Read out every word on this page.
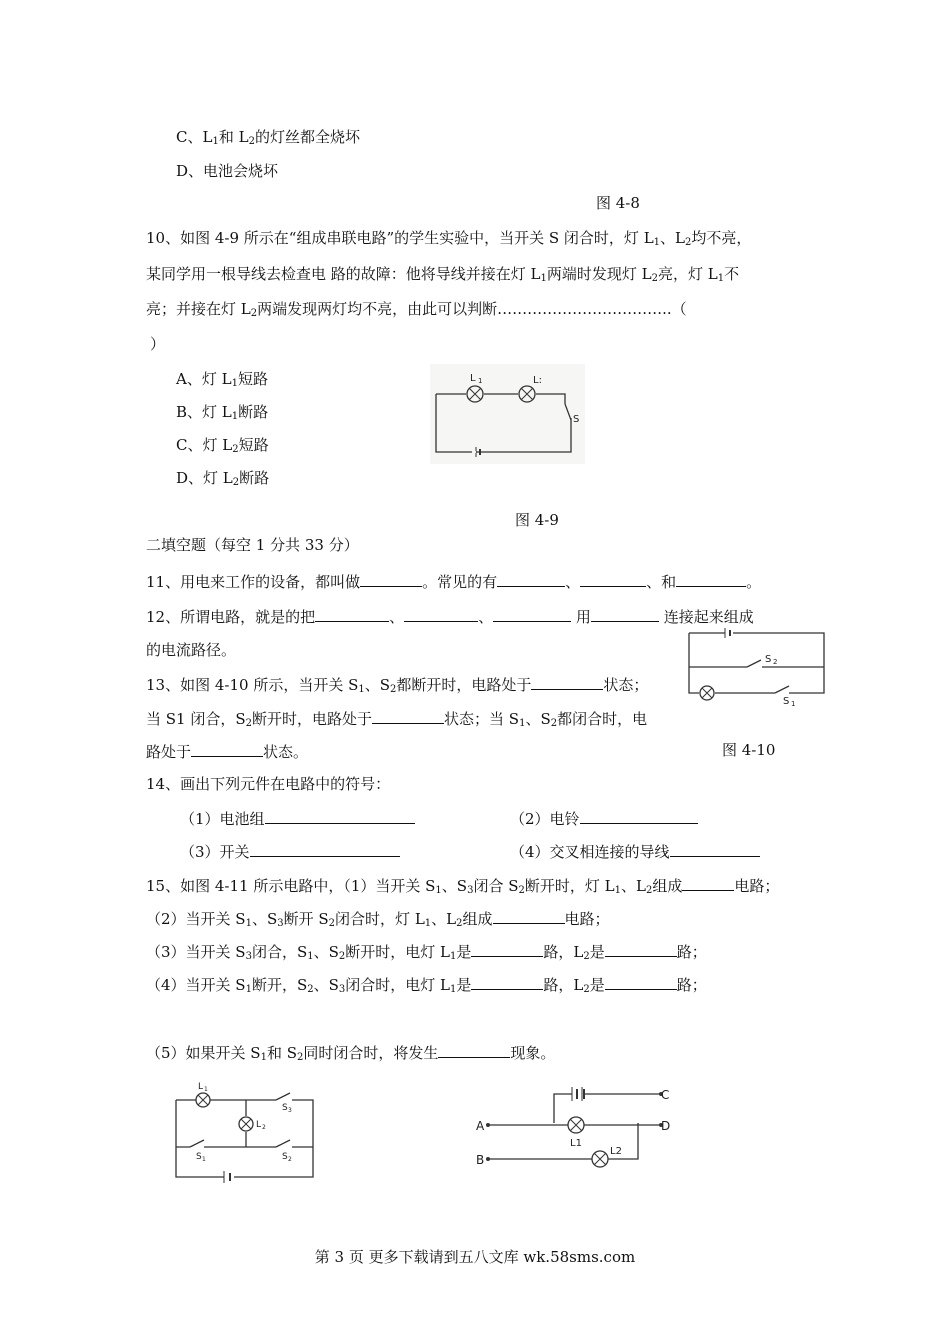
C、$L_1$和 $L_2$的灯丝都全烧坏
D、电池会烧坏
图 4-8
10、如图 4-9 所示在“组成串联电路”的学生实验中，当开关 S 闭合时，灯 $L_1$、$L_2$均不亮，
某同学用一根导线去检查电 路的故障：他将导线并接在灯 $L_1$两端时发现灯 $L_2$亮，灯 $L_1$不
亮；并接在灯 $L_2$两端发现两灯均不亮，由此可以判断……………………………..（
）
A、灯 $L_1$短路
B、灯 $L_1$断路
C、灯 $L_2$短路
D、灯 $L_2$断路
L 1	L:
S
图 4-9
二填空题（每空 1 分共 33 分）
11、用电来工作的设备，都叫做	。常见的有	、	、和	。
12、所谓电路，就是的把	、	、	用	连接起来组成
的电流路径。
S 2
S 1
13、如图 4-10 所示，当开关 $S_1$、$S_2$都断开时，电路处于	状态；
当 S1 闭合，$S_2$断开时，电路处于	状态；当 $S_1$、$S_2$都闭合时，电
路处于	状态。	图 4-10
14、画出下列元件在电路中的符号：
（1）电池组	（2）电铃
（3）开关	（4）交叉相连接的导线
15、如图 4-11 所示电路中，（1）当开关 $S_1$、$S_3$闭合 $S_2$断开时，灯 $L_1$、$L_2$组成	电路；
（2）当开关 $S_1$、$S_3$断开 $S_2$闭合时，灯 $L_1$、$L_2$组成	电路；
（3）当开关 $S_3$闭合，$S_1$、$S_2$断开时，电灯 $L_1$是	路，$L_2$是	路；
（4）当开关 $S_1$断开，$S_2$、$S_3$闭合时，电灯 $L_1$是	路，$L_2$是	路；
（5）如果开关 $S_1$和 $S_2$同时闭合时，将发生	现象。
L 1
L 2
S 3
S 1	S 2
C
D
A
B
L1
L2
第 3 页 更多下载请到五八文库 wk.58sms.com
